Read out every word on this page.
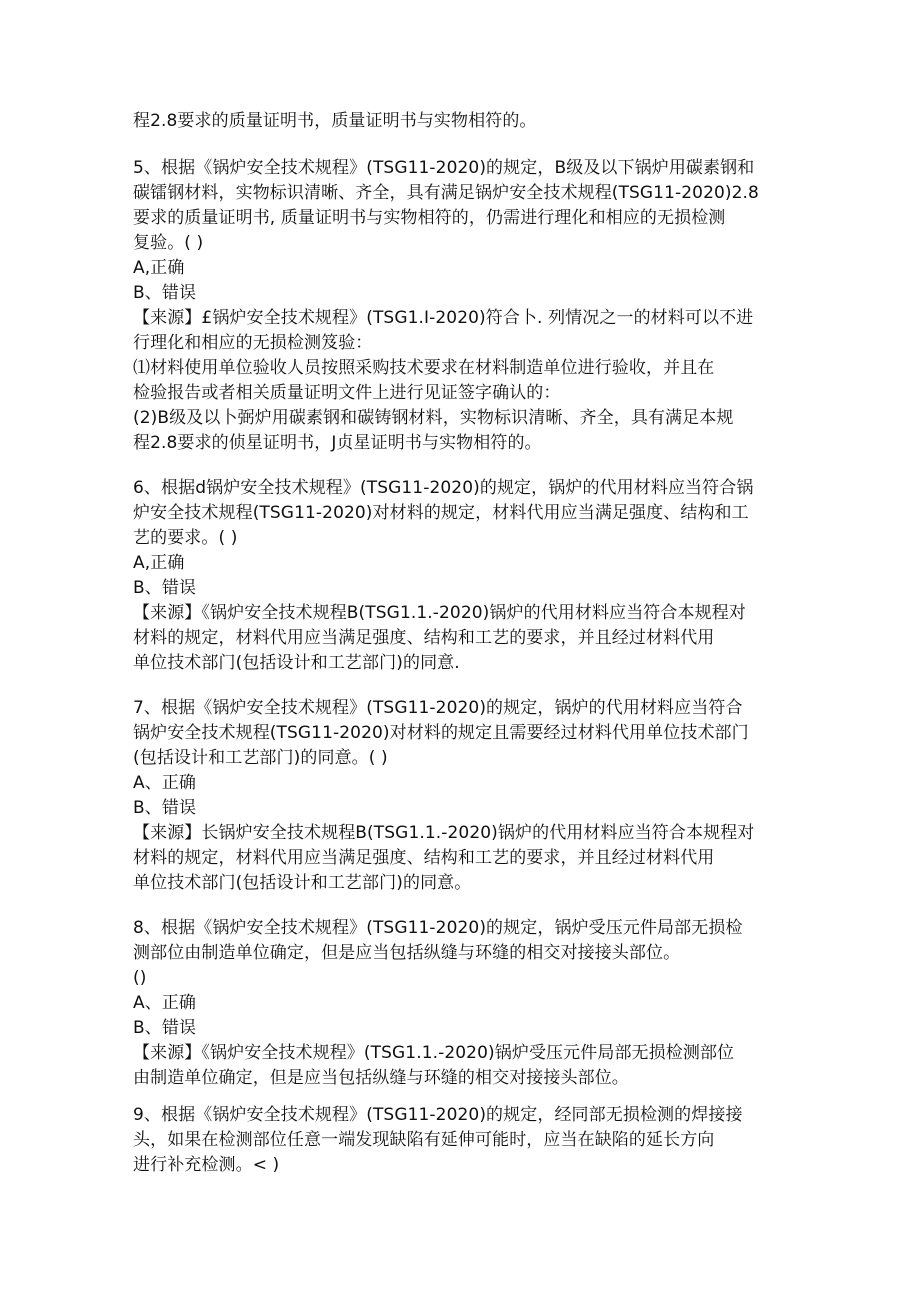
程2.8要求的质量证明书，质量证明书与实物相符的。
5、根据《锅炉安全技术规程》(TSG11-2020)的规定，B级及以下锅炉用碳素钢和
碳镭钢材料，实物标识清晰、齐全，具有满足锅炉安全技术规程(TSG11-2020)2.8
要求的质量证明书, 质量证明书与实物相符的，仍需进行理化和相应的无损检测
复验。( )
A,正确
B、错误
【来源】£锅炉安全技术规程》(TSG1.I-2020)符合卜. 列情况之一的材料可以不进
行理化和相应的无损检测笈验：
⑴材料使用单位验收人员按照采购技术要求在材料制造单位进行验收，并且在
检验报告或者相关质量证明文件上进行见证签字确认的：
(2)B级及以卜弼炉用碳素钢和碳铸钢材料，实物标识清晰、齐全，具有满足本规
程2.8要求的侦星证明书，J贞星证明书与实物相符的。
6、根据d锅炉安全技术规程》(TSG11-2020)的规定，锅炉的代用材料应当符合锅
炉安全技术规程(TSG11-2020)对材料的规定，材料代用应当满足强度、结构和工
艺的要求。( )
A,正确
B、错误
【来源】《锅炉安全技术规程B(TSG1.1.-2020)锅炉的代用材料应当符合本规程对
材料的规定，材料代用应当满足强度、结构和工艺的要求，并且经过材料代用
单位技术部门(包括设计和工艺部门)的同意.
7、根据《锅炉安全技术规程》(TSG11-2020)的规定，锅炉的代用材料应当符合
锅炉安全技术规程(TSG11-2020)对材料的规定且需要经过材料代用单位技术部门
(包括设计和工艺部门)的同意。( )
A、正确
B、错误
【来源】长锅炉安全技术规程B(TSG1.1.-2020)锅炉的代用材料应当符合本规程对
材料的规定，材料代用应当满足强度、结构和工艺的要求，并且经过材料代用
单位技术部门(包括设计和工艺部门)的同意。
8、根据《锅炉安全技术规程》(TSG11-2020)的规定，锅炉受压元件局部无损检
测部位由制造单位确定，但是应当包括纵缝与环缝的相交对接接头部位。
()
A、正确
B、错误
【来源】《锅炉安全技术规程》(TSG1.1.-2020)锅炉受压元件局部无损检测部位
由制造单位确定，但是应当包括纵缝与环缝的相交对接接头部位。
9、根据《锅炉安全技术规程》(TSG11-2020)的规定，经同部无损检测的焊接接
头，如果在检测部位任意一端发现缺陷有延伸可能时，应当在缺陷的延长方向
进行补充检测。< )
